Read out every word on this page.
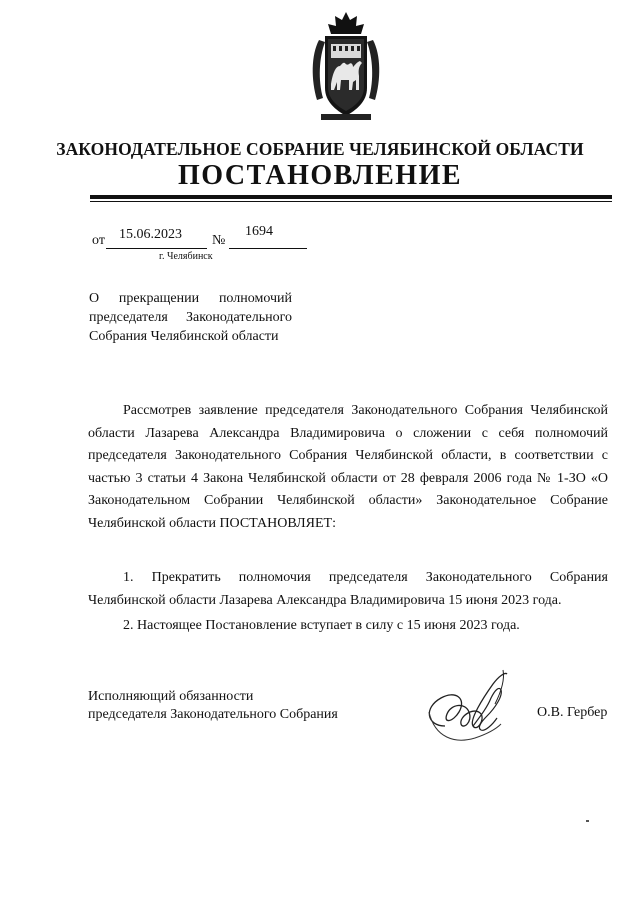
ЗАКОНОДАТЕЛЬНОЕ СОБРАНИЕ ЧЕЛЯБИНСКОЙ ОБЛАСТИ
ПОСТАНОВЛЕНИЕ
от 15.06.2023 №
1694
г. Челябинск
О прекращении полномочий председателя Законодательного Собрания Челябинской области
Рассмотрев заявление председателя Законодательного Собрания Челябинской области Лазарева Александра Владимировича о сложении с себя полномочий председателя Законодательного Собрания Челябинской области, в соответствии с частью 3 статьи 4 Закона Челябинской области от 28 февраля 2006 года № 1-ЗО «О Законодательном Собрании Челябинской области» Законодательное Собрание Челябинской области ПОСТАНОВЛЯЕТ:
1. Прекратить полномочия председателя Законодательного Собрания Челябинской области Лазарева Александра Владимировича 15 июня 2023 года.
2. Настоящее Постановление вступает в силу с 15 июня 2023 года.
Исполняющий обязанности
председателя Законодательного Собрания	О.В. Гербер
